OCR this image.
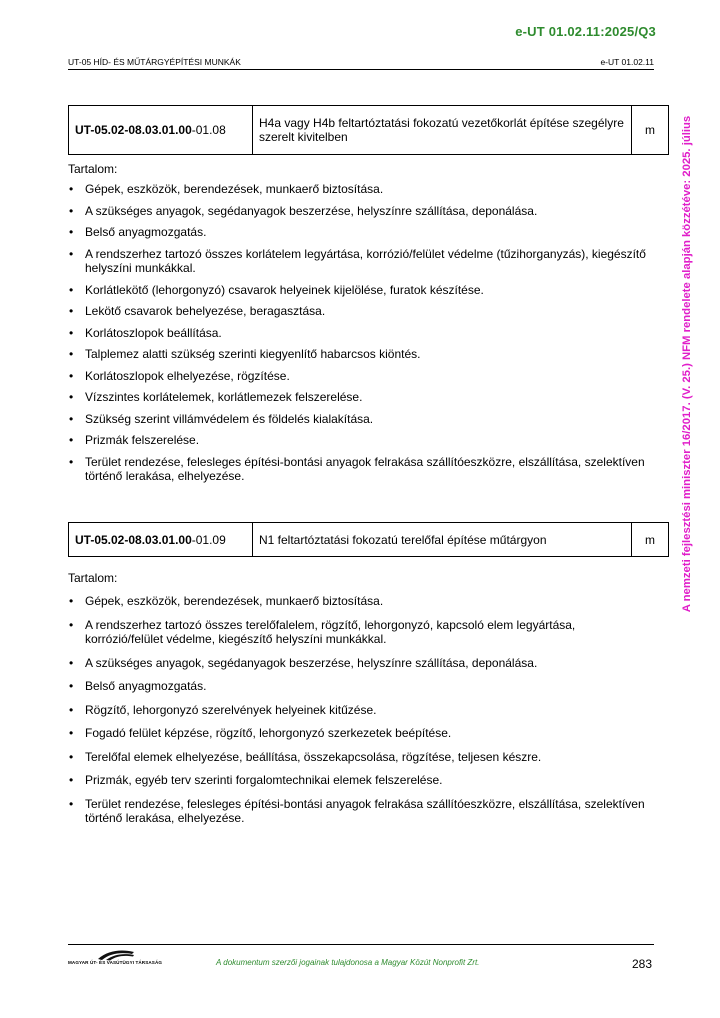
e-UT 01.02.11:2025/Q3
UT-05 HÍD- ÉS MŰTÁRGYÉPÍTÉSI MUNKÁK	e-UT 01.02.11
A nemzeti fejlesztési miniszter 16/2017. (V. 25.) NFM rendelete alapján közzétéve: 2025. július
UT-05.02-08.03.01.00 -01.08	H4a vagy H4b feltartóztatási fokozatú vezetőkorlát építése szegélyre szerelt kivitelben	m
Tartalom:
• Gépek, eszközök, berendezések, munkaerő biztosítása.
• A szükséges anyagok, segédanyagok beszerzése, helyszínre szállítása, deponálása.
• Belső anyagmozgatás.
• A rendszerhez tartozó összes korlátelem legyártása, korrózió/felület védelme (tűzihorganyzás), kiegészítő helyszíni munkákkal.
• Korlátlekötő (lehorgonyzó) csavarok helyeinek kijelölése, furatok készítése.
• Lekötő csavarok behelyezése, beragasztása.
• Korlátoszlopok beállítása.
• Talplemez alatti szükség szerinti kiegyenlítő habarcsos kiöntés.
• Korlátoszlopok elhelyezése, rögzítése.
• Vízszintes korlátelemek, korlátlemezek felszerelése.
• Szükség szerint villámvédelem és földelés kialakítása.
• Prizmák felszerelése.
• Terület rendezése, felesleges építési-bontási anyagok felrakása szállítóeszközre, elszállítása, szelektíven történő lerakása, elhelyezése.
UT-05.02-08.03.01.00 -01.09	N1 feltartóztatási fokozatú terelőfal építése műtárgyon	m
Tartalom:
• Gépek, eszközök, berendezések, munkaerő biztosítása.
• A rendszerhez tartozó összes terelőfalelem, rögzítő, lehorgonyzó, kapcsoló elem legyártása, korrózió/felület védelme, kiegészítő helyszíni munkákkal.
• A szükséges anyagok, segédanyagok beszerzése, helyszínre szállítása, deponálása.
• Belső anyagmozgatás.
• Rögzítő, lehorgonyzó szerelvények helyeinek kitűzése.
• Fogadó felület képzése, rögzítő, lehorgonyzó szerkezetek beépítése.
• Terelőfal elemek elhelyezése, beállítása, összekapcsolása, rögzítése, teljesen készre.
• Prizmák, egyéb terv szerinti forgalomtechnikai elemek felszerelése.
• Terület rendezése, felesleges építési-bontási anyagok felrakása szállítóeszközre, elszállítása, szelektíven történő lerakása, elhelyezése.
MAGYAR ÚT- ÉS VASÚTÜGYI TÁRSASÁG	A dokumentum szerzői jogainak tulajdonosa a Magyar Közút Nonprofit Zrt.	283
